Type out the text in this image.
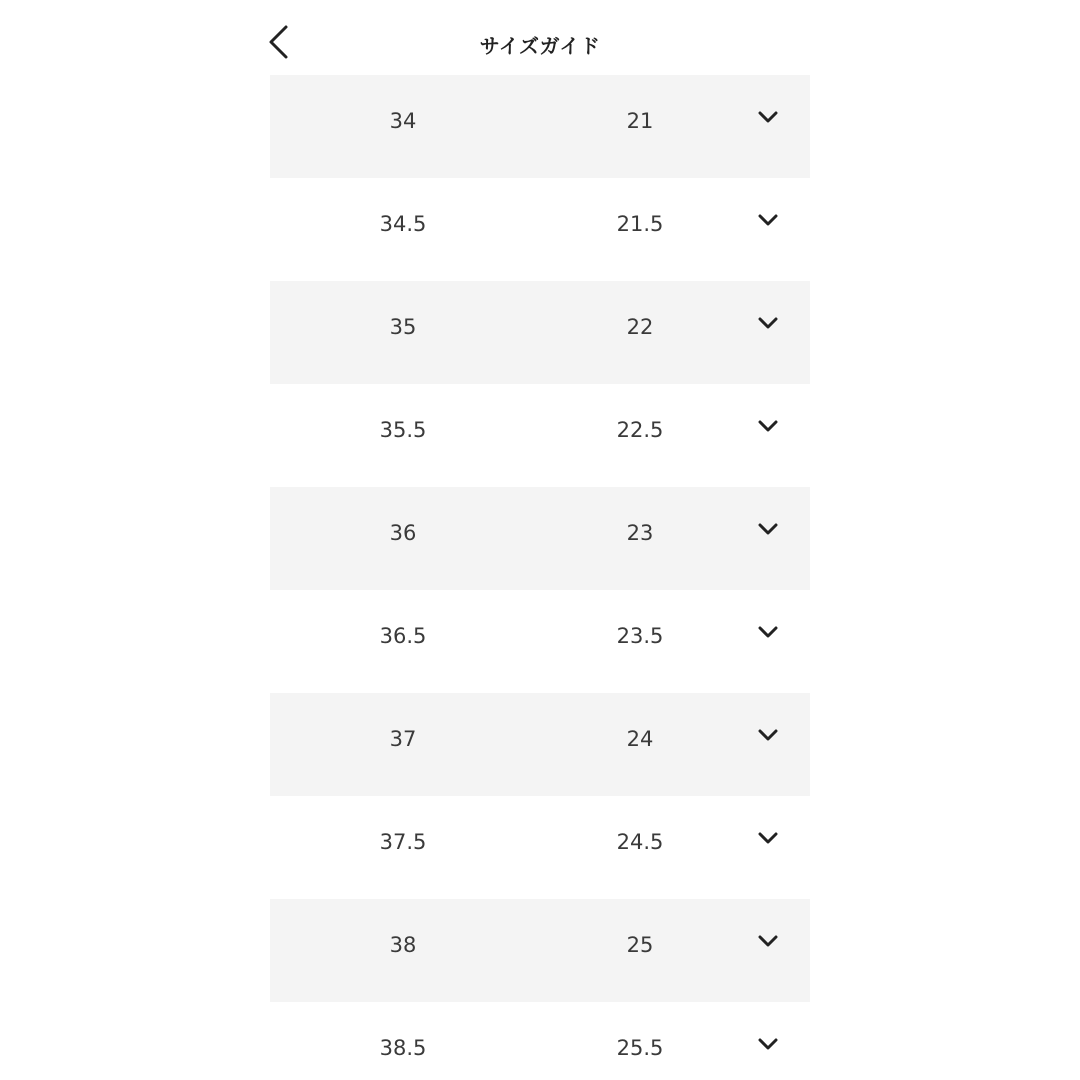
サイズガイド
34	21
34.5	21.5
35	22
35.5	22.5
36	23
36.5	23.5
37	24
37.5	24.5
38	25
38.5	25.5
